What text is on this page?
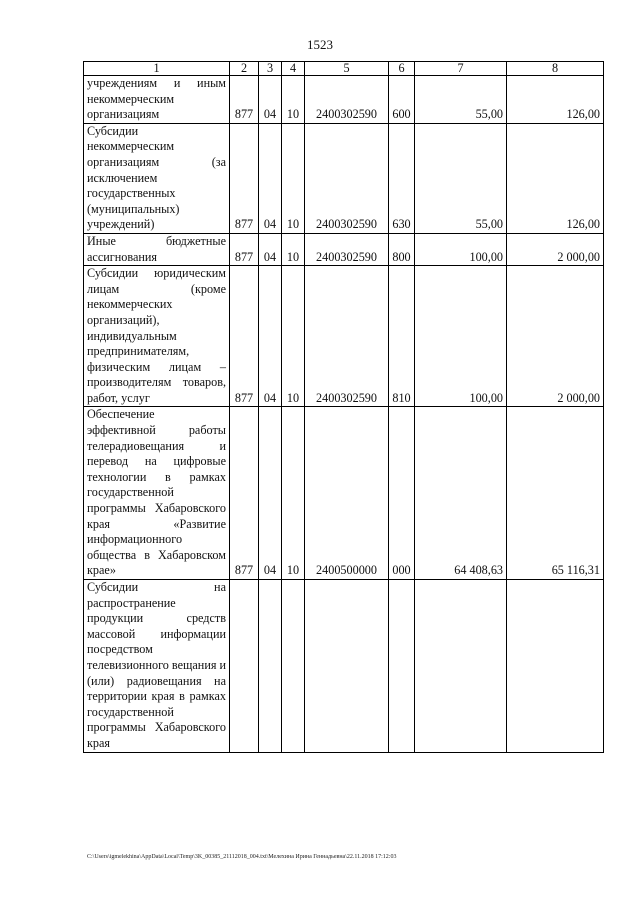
1523
1	2	3	4	5	6	7	8
учреждениям и иным некоммерческим организациям	877	04	10	2400302590	600	55,00	126,00
Субсидии некоммерческим организациям (за исключением государственных (муниципальных) учреждений)	877	04	10	2400302590	630	55,00	126,00
Иные бюджетные ассигнования	877	04	10	2400302590	800	100,00	2 000,00
Субсидии юридическим лицам (кроме некоммерческих организаций), индивидуальным предпринимателям, физическим лицам – производителям товаров, работ, услуг	877	04	10	2400302590	810	100,00	2 000,00
Обеспечение эффективной работы телерадиовещания и перевод на цифровые технологии в рамках государственной программы Хабаровского края «Развитие информационного общества в Хабаровском крае»	877	04	10	2400500000	000	64 408,63	65 116,31
Субсидии на распространение продукции средств массовой информации посредством телевизионного вещания и (или) радиовещания на территории края в рамках государственной программы Хабаровского края							
C:\Users\igmelekhina\AppData\Local\Temp\3K_00385_21112018_004.txt\Мелехина Ирина Геннадьевна\22.11.2018 17:12:03
